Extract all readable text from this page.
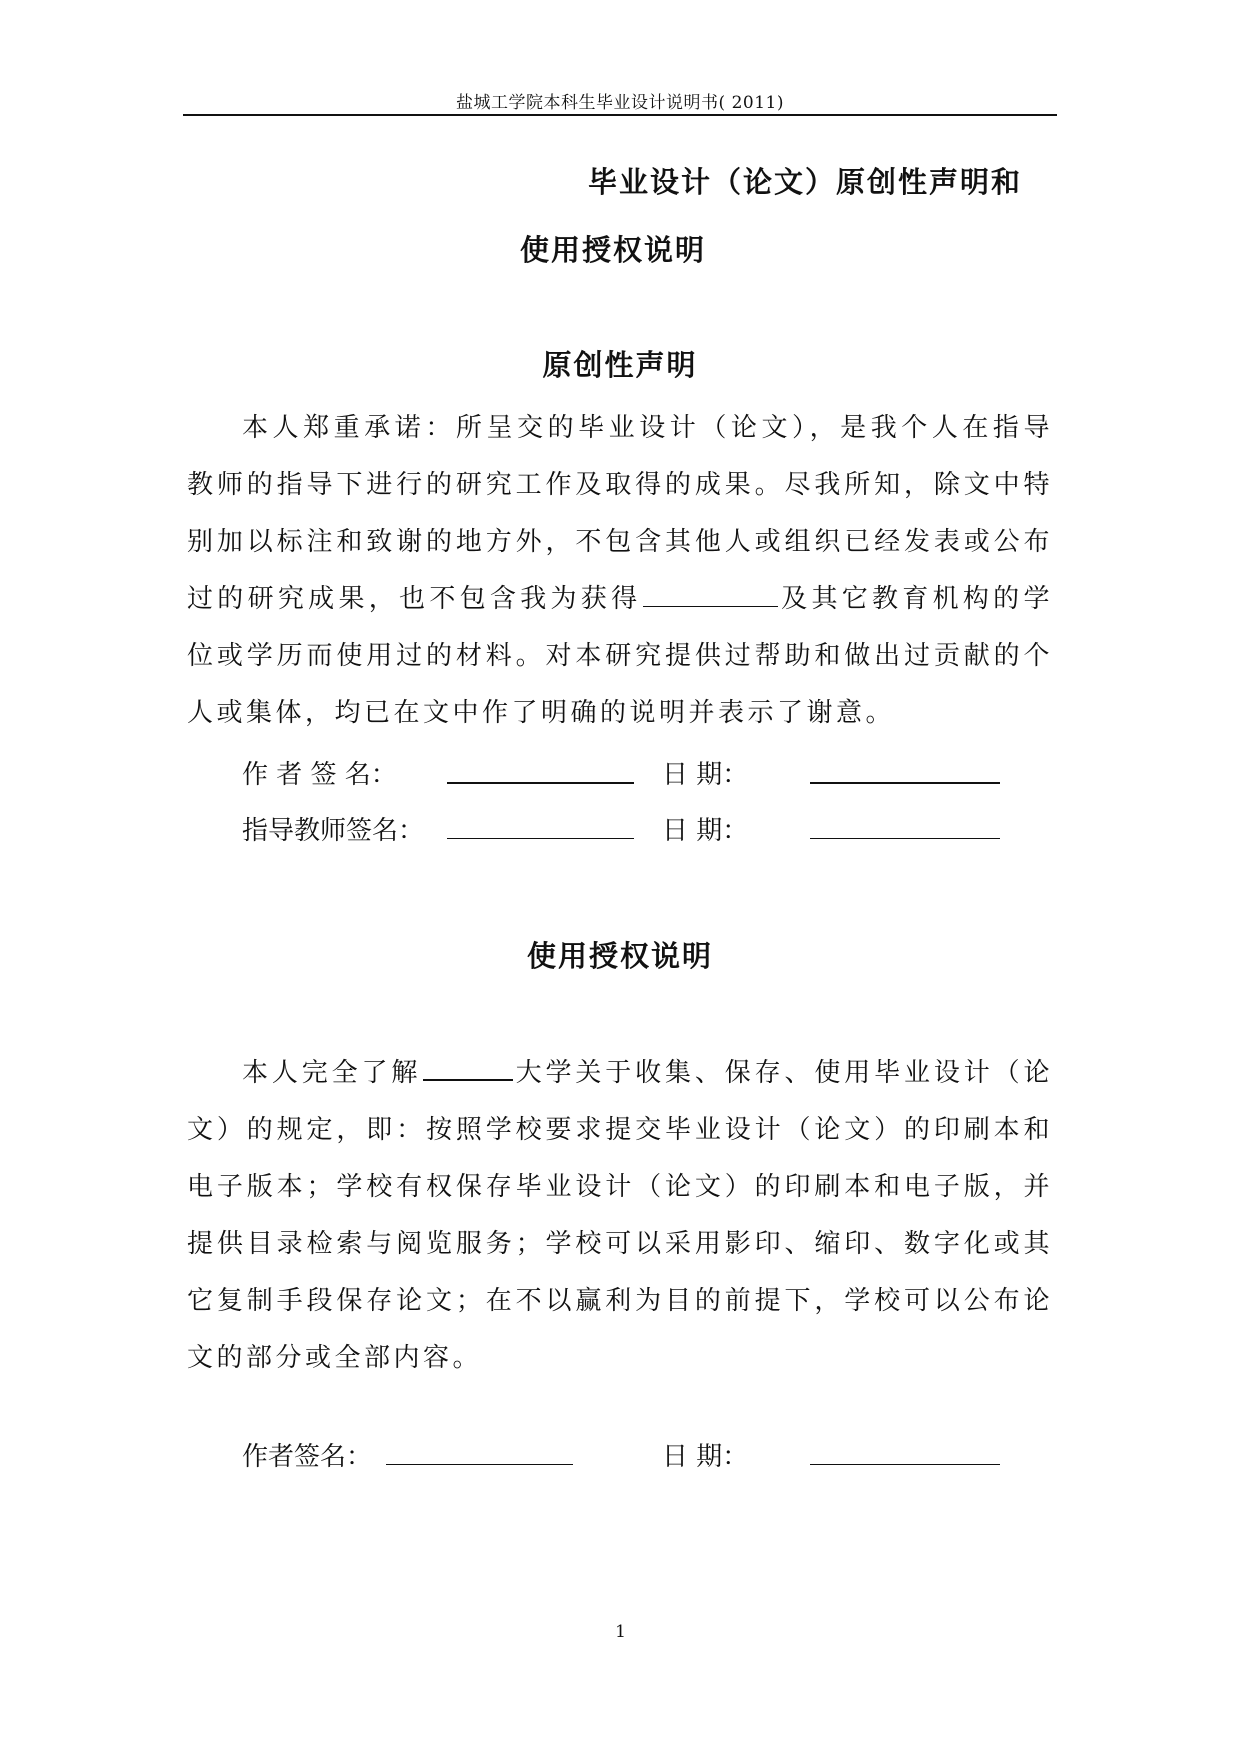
盐城工学院本科生毕业设计说明书( 2011)
毕业设计（论文）原创性声明和
使用授权说明
原创性声明
本人郑重承诺：所呈交的毕业设计（论文），是我个人在指导教师的指导下进行的研究工作及取得的成果。尽我所知，除文中特别加以标注和致谢的地方外，不包含其他人或组织已经发表或公布过的研究成果，也不包含我为获得	及其它教育机构的学位或学历而使用过的材料。对本研究提供过帮助和做出过贡献的个人或集体，均已在文中作了明确的说明并表示了谢意。
作 者 签 名：	日 期：
指导教师签名：	日 期：
使用授权说明
本人完全了解	大学关于收集、保存、使用毕业设计（论文）的规定，即：按照学校要求提交毕业设计（论文）的印刷本和电子版本；学校有权保存毕业设计（论文）的印刷本和电子版，并提供目录检索与阅览服务；学校可以采用影印、缩印、数字化或其它复制手段保存论文；在不以赢利为目的前提下，学校可以公布论文的部分或全部内容。
作者签名：	日 期：
1
